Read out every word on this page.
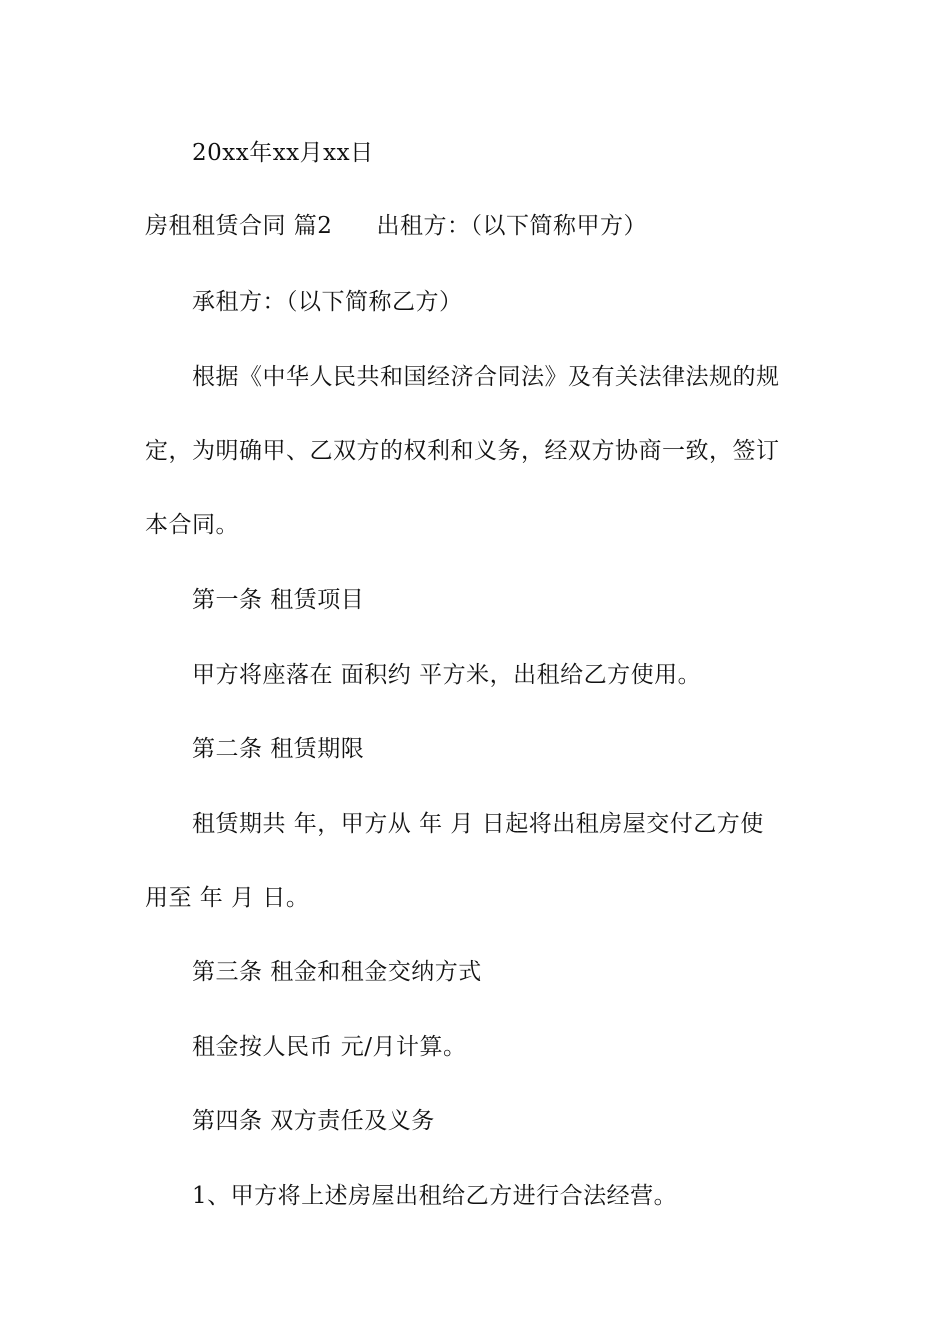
20xx年xx月xx日
房租租赁合同 篇2 出租方：（以下简称甲方）
承租方：（以下简称乙方）
根据《中华人民共和国经济合同法》及有关法律法规的规
定，为明确甲、乙双方的权利和义务，经双方协商一致，签订
本合同。
第一条 租赁项目
甲方将座落在 面积约 平方米，出租给乙方使用。
第二条 租赁期限
租赁期共 年，甲方从 年 月 日起将出租房屋交付乙方使
用至 年 月 日。
第三条 租金和租金交纳方式
租金按人民币 元/月计算。
第四条 双方责任及义务
1、甲方将上述房屋出租给乙方进行合法经营。
